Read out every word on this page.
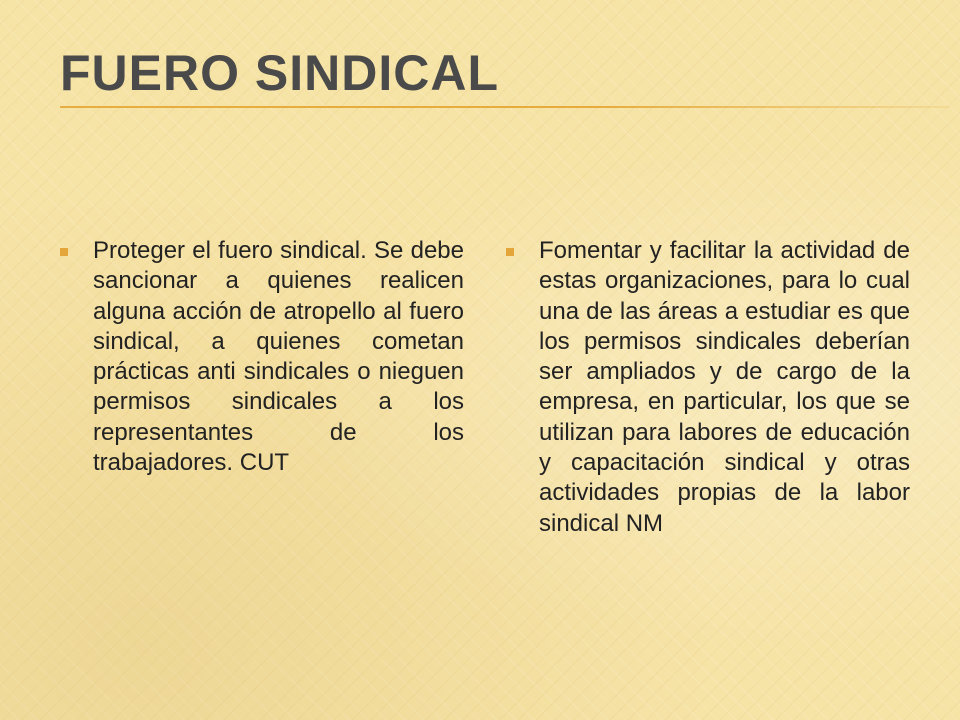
FUERO SINDICAL

Proteger el fuero sindical. Se debe sancionar a quienes realicen alguna acción de atropello al fuero sindical, a quienes cometan prácticas anti sindicales o nieguen permisos sindicales a los representantes de los trabajadores. CUT

Fomentar y facilitar la actividad de estas organizaciones, para lo cual una de las áreas a estudiar es que los permisos sindicales deberían ser ampliados y de cargo de la empresa, en particular, los que se utilizan para labores de educación y capacitación sindical y otras actividades propias de la labor sindical NM
